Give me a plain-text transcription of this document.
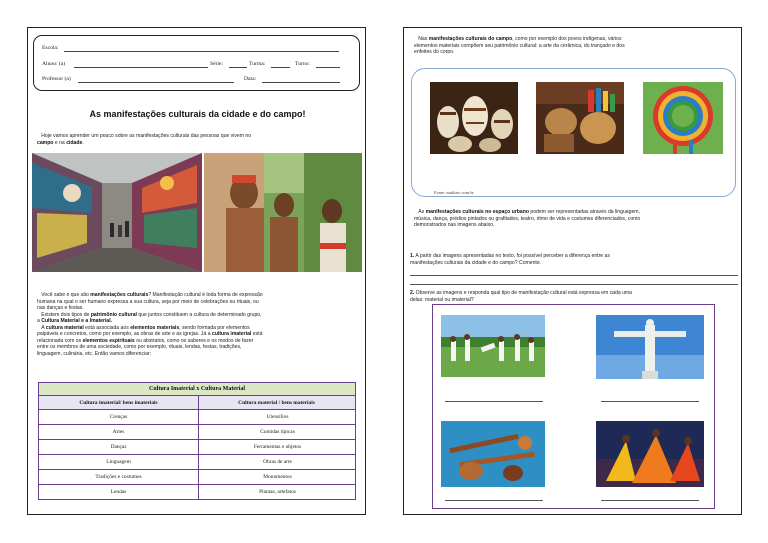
Escola:
Aluno: (a)	Série:	Turma:	Turno:
Professor (a)	Data:
As manifestações culturais da cidade e do campo!
Hoje vamos aprender um pouco sobre as manifestações culturais das pessoas que vivem no
campo e na cidade.
Você sabe o que são manifestações culturais? Manifestação cultural é toda forma de expressão
humana na qual o ser humano expressa a sua cultura, seja por meio de celebrações ou rituais, ou
nas danças e festas.
Existem dois tipos de patrimônio cultural que juntos constituem a cultura de determinado grupo,
a Cultura Material e a Imaterial.
A cultura material está associada aos elementos materiais, sendo formada por elementos
palpáveis e concretos, como por exemplo, as obras de arte e as igrejas. Já a cultura imaterial está
relacionada com os elementos espirituais ou abstratos, como os saberes e os modos de fazer
entre os membros de uma sociedade, como por exemplo, rituais, lendas, festas, tradições,
linguagem, culinária, etc. Então vamos diferenciar:
Cultura Imaterial x Cultura Material
Cultura imaterial/ bens imateriais	Cultura material / bens materiais
Crenças	Utensílios
Artes	Comidas típicas
Danças	Ferramentas e objetos
Linguagem	Obras de arte
Tradições e costumes	Monumentos
Lendas	Plantas, artefatos
Nas manifestações culturais do campo, como por exemplo dos povos indígenas, vários
elementos materiais compõem seu patrimônio cultural: a arte da cerâmica, do trançado e dos
enfeites do corpo.
Fonte: multirio.com.br
As manifestações culturais no espaço urbano podem ser representadas através da linguagem,
música, dança, prédios pintados ou grafitados, teatro, ritmo de vida e costumes diferenciados, como
demonstrados nas imagens abaixo.
1. A partir das imagens apresentadas no texto, foi possível perceber a diferença entre as
manifestações culturais da cidade e do campo? Comente.
2. Observe as imagens e responda qual tipo de manifestação cultural está expressa em cada uma
delas: material ou imaterial?
